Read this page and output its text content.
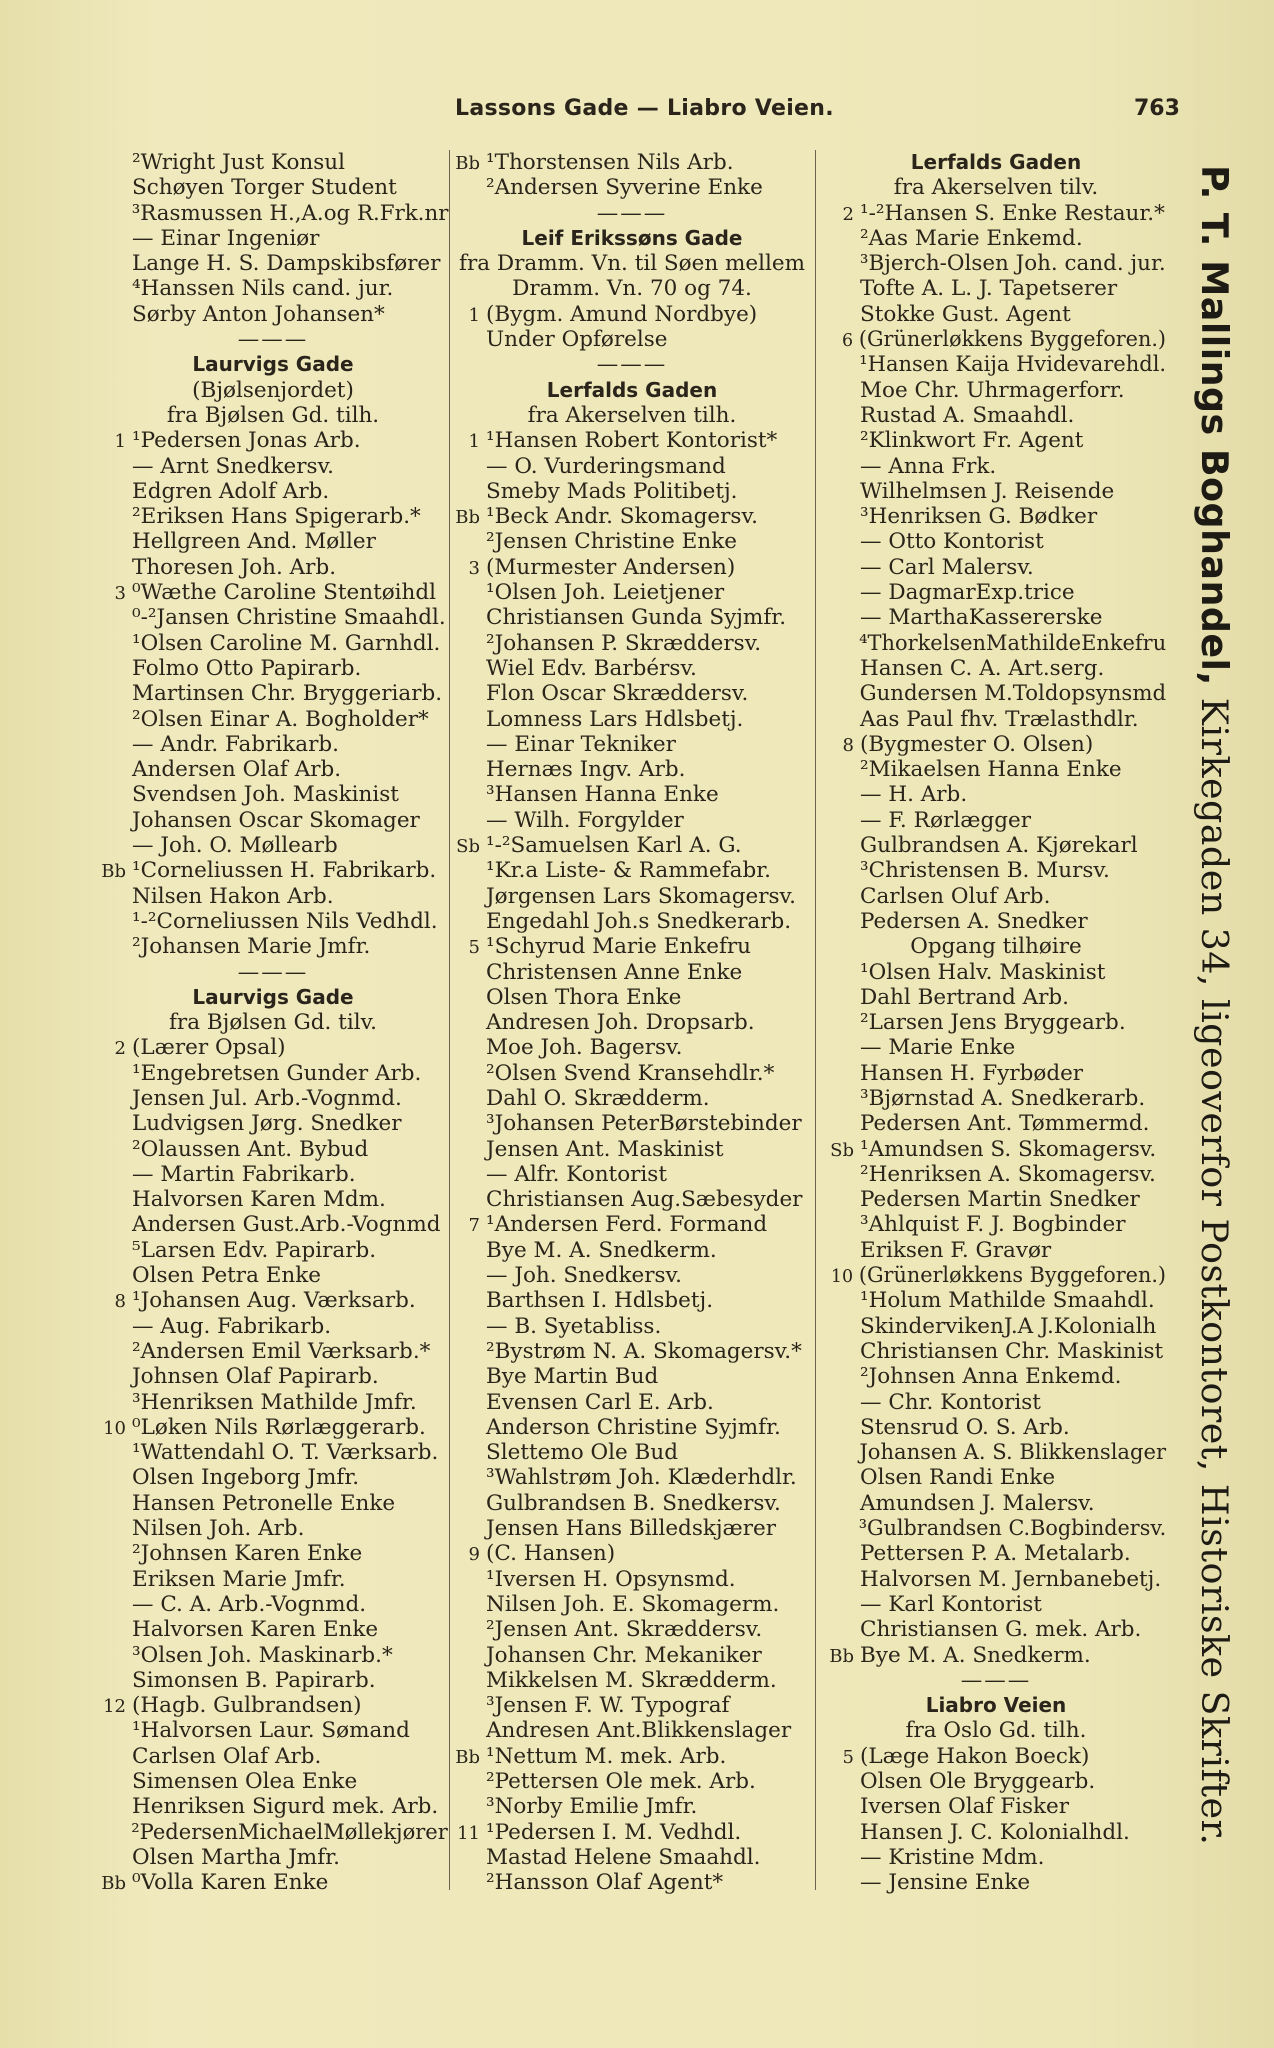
Lassons Gade — Liabro Veien.	763
²Wright Just Konsul
Schøyen Torger Student
³Rasmussen H.,A.og R.Frk.nr
— Einar Ingeniør
Lange H. S. Dampskibsfører
⁴Hanssen Nils cand. jur.
Sørby Anton Johansen*
———
Laurvigs Gade
(Bjølsenjordet)
fra Bjølsen Gd. tilh.
1 ¹Pedersen Jonas Arb.
— Arnt Snedkersv.
Edgren Adolf Arb.
²Eriksen Hans Spigerarb.*
Hellgreen And. Møller
Thoresen Joh. Arb.
3 ⁰Wæthe Caroline Stentøihdl
⁰-²Jansen Christine Smaahdl.
¹Olsen Caroline M. Garnhdl.
Folmo Otto Papirarb.
Martinsen Chr. Bryggeriarb.
²Olsen Einar A. Bogholder*
— Andr. Fabrikarb.
Andersen Olaf Arb.
Svendsen Joh. Maskinist
Johansen Oscar Skomager
— Joh. O. Møllearb
Bb ¹Corneliussen H. Fabrikarb.
Nilsen Hakon Arb.
¹-²Corneliussen Nils Vedhdl.
²Johansen Marie Jmfr.
———
Laurvigs Gade
fra Bjølsen Gd. tilv.
2 (Lærer Opsal)
¹Engebretsen Gunder Arb.
Jensen Jul. Arb.-Vognmd.
Ludvigsen Jørg. Snedker
²Olaussen Ant. Bybud
— Martin Fabrikarb.
Halvorsen Karen Mdm.
Andersen Gust.Arb.-Vognmd
⁵Larsen Edv. Papirarb.
Olsen Petra Enke
8 ¹Johansen Aug. Værksarb.
— Aug. Fabrikarb.
²Andersen Emil Værksarb.*
Johnsen Olaf Papirarb.
³Henriksen Mathilde Jmfr.
10 ⁰Løken Nils Rørlæggerarb.
¹Wattendahl O. T. Værksarb.
Olsen Ingeborg Jmfr.
Hansen Petronelle Enke
Nilsen Joh. Arb.
²Johnsen Karen Enke
Eriksen Marie Jmfr.
— C. A. Arb.-Vognmd.
Halvorsen Karen Enke
³Olsen Joh. Maskinarb.*
Simonsen B. Papirarb.
12 (Hagb. Gulbrandsen)
¹Halvorsen Laur. Sømand
Carlsen Olaf Arb.
Simensen Olea Enke
Henriksen Sigurd mek. Arb.
²PedersenMichaelMøllekjører
Olsen Martha Jmfr.
Bb ⁰Volla Karen Enke
Bb ¹Thorstensen Nils Arb.
²Andersen Syverine Enke
———
Leif Erikssøns Gade
fra Dramm. Vn. til Søen mellem
Dramm. Vn. 70 og 74.
1 (Bygm. Amund Nordbye)
Under Opførelse
———
Lerfalds Gaden
fra Akerselven tilh.
1 ¹Hansen Robert Kontorist*
— O. Vurderingsmand
Smeby Mads Politibetj.
Bb ¹Beck Andr. Skomagersv.
²Jensen Christine Enke
3 (Murmester Andersen)
¹Olsen Joh. Leietjener
Christiansen Gunda Syjmfr.
²Johansen P. Skræddersv.
Wiel Edv. Barbérsv.
Flon Oscar Skræddersv.
Lomness Lars Hdlsbetj.
— Einar Tekniker
Hernæs Ingv. Arb.
³Hansen Hanna Enke
— Wilh. Forgylder
Sb ¹-²Samuelsen Karl A. G.
¹Kr.a Liste- & Rammefabr.
Jørgensen Lars Skomagersv.
Engedahl Joh.s Snedkerarb.
5 ¹Schyrud Marie Enkefru
Christensen Anne Enke
Olsen Thora Enke
Andresen Joh. Dropsarb.
Moe Joh. Bagersv.
²Olsen Svend Kransehdlr.*
Dahl O. Skrædderm.
³Johansen PeterBørstebinder
Jensen Ant. Maskinist
— Alfr. Kontorist
Christiansen Aug.Sæbesyder
7 ¹Andersen Ferd. Formand
Bye M. A. Snedkerm.
— Joh. Snedkersv.
Barthsen I. Hdlsbetj.
— B. Syetabliss.
²Bystrøm N. A. Skomagersv.*
Bye Martin Bud
Evensen Carl E. Arb.
Anderson Christine Syjmfr.
Slettemo Ole Bud
³Wahlstrøm Joh. Klæderhdlr.
Gulbrandsen B. Snedkersv.
Jensen Hans Billedskjærer
9 (C. Hansen)
¹Iversen H. Opsynsmd.
Nilsen Joh. E. Skomagerm.
²Jensen Ant. Skræddersv.
Johansen Chr. Mekaniker
Mikkelsen M. Skrædderm.
³Jensen F. W. Typograf
Andresen Ant.Blikkenslager
Bb ¹Nettum M. mek. Arb.
²Pettersen Ole mek. Arb.
³Norby Emilie Jmfr.
11 ¹Pedersen I. M. Vedhdl.
Mastad Helene Smaahdl.
²Hansson Olaf Agent*
Lerfalds Gaden
fra Akerselven tilv.
2 ¹-²Hansen S. Enke Restaur.*
²Aas Marie Enkemd.
³Bjerch-Olsen Joh. cand. jur.
Tofte A. L. J. Tapetserer
Stokke Gust. Agent
6 (Grünerløkkens Byggeforen.)
¹Hansen Kaija Hvidevarehdl.
Moe Chr. Uhrmagerforr.
Rustad A. Smaahdl.
²Klinkwort Fr. Agent
— Anna Frk.
Wilhelmsen J. Reisende
³Henriksen G. Bødker
— Otto Kontorist
— Carl Malersv.
— DagmarExp.trice
— MarthaKassererske
⁴ThorkelsenMathildeEnkefru
Hansen C. A. Art.serg.
Gundersen M.Toldopsynsmd
Aas Paul fhv. Trælasthdlr.
8 (Bygmester O. Olsen)
²Mikaelsen Hanna Enke
— H. Arb.
— F. Rørlægger
Gulbrandsen A. Kjørekarl
³Christensen B. Mursv.
Carlsen Oluf Arb.
Pedersen A. Snedker
Opgang tilhøire
¹Olsen Halv. Maskinist
Dahl Bertrand Arb.
²Larsen Jens Bryggearb.
— Marie Enke
Hansen H. Fyrbøder
³Bjørnstad A. Snedkerarb.
Pedersen Ant. Tømmermd.
Sb ¹Amundsen S. Skomagersv.
²Henriksen A. Skomagersv.
Pedersen Martin Snedker
³Ahlquist F. J. Bogbinder
Eriksen F. Gravør
10 (Grünerløkkens Byggeforen.)
¹Holum Mathilde Smaahdl.
SkindervikenJ.A J.Kolonialh
Christiansen Chr. Maskinist
²Johnsen Anna Enkemd.
— Chr. Kontorist
Stensrud O. S. Arb.
Johansen A. S. Blikkenslager
Olsen Randi Enke
Amundsen J. Malersv.
³Gulbrandsen C.Bogbindersv.
Pettersen P. A. Metalarb.
Halvorsen M. Jernbanebetj.
— Karl Kontorist
Christiansen G. mek. Arb.
Bb Bye M. A. Snedkerm.
———
Liabro Veien
fra Oslo Gd. tilh.
5 (Læge Hakon Boeck)
Olsen Ole Bryggearb.
Iversen Olaf Fisker
Hansen J. C. Kolonialhdl.
— Kristine Mdm.
— Jensine Enke
P. T. Mallings Boghandel, Kirkegaden 34, ligeoverfor Postkontoret, Historiske Skrifter.
